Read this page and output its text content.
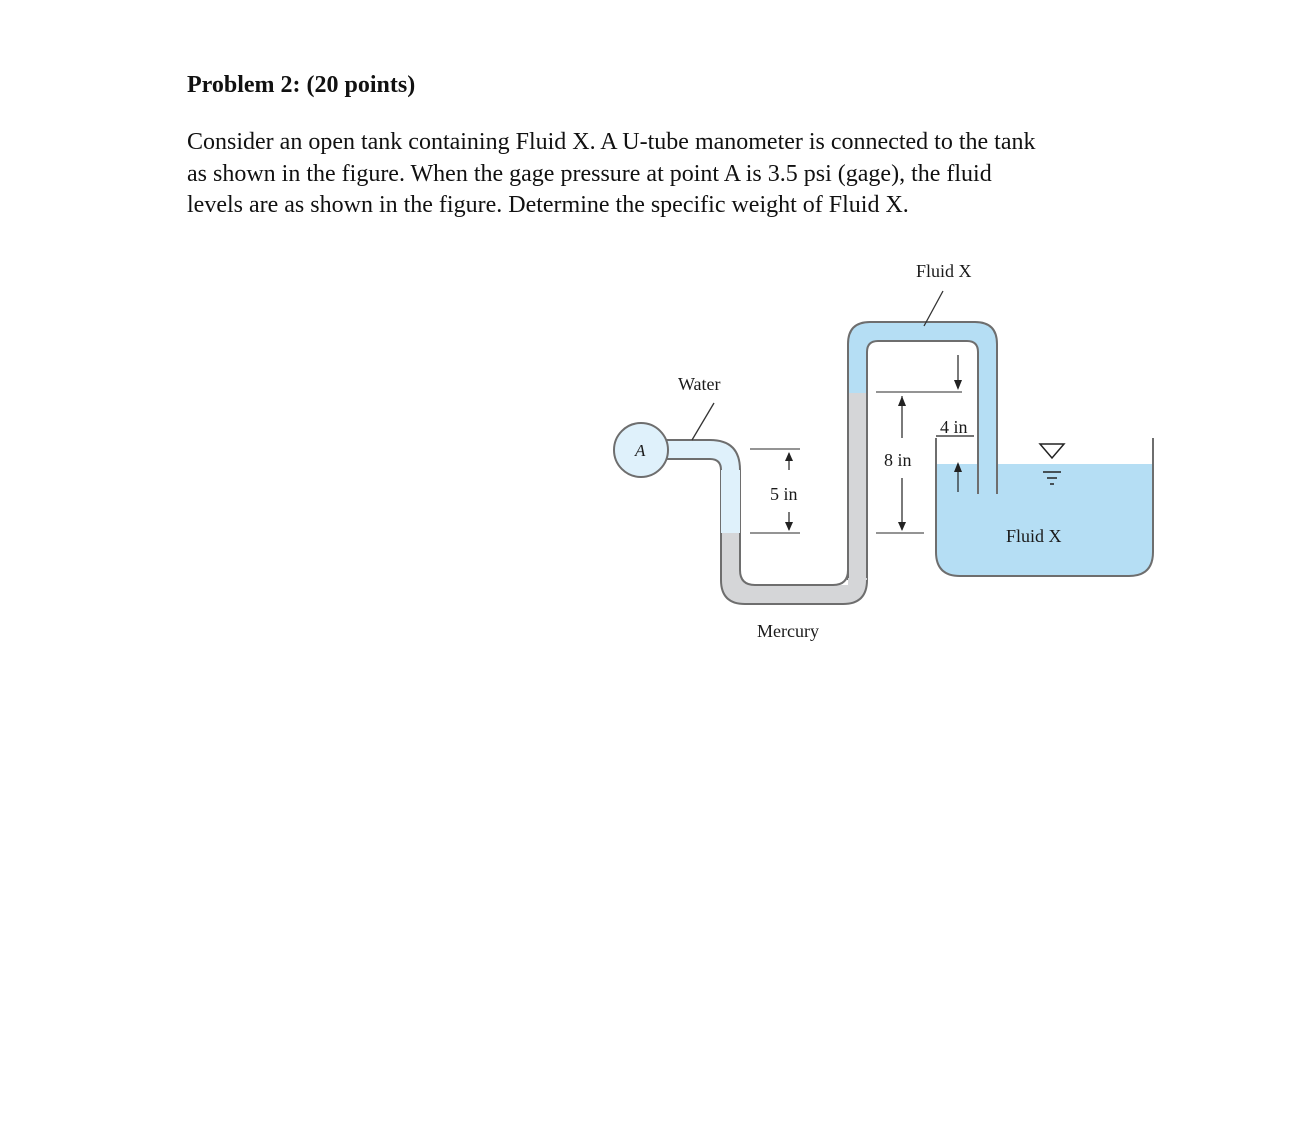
Problem 2: (20 points)

Consider an open tank containing Fluid X. A U-tube manometer is connected to the tank
as shown in the figure. When the gage pressure at point A is 3.5 psi (gage), the fluid
levels are as shown in the figure. Determine the specific weight of Fluid X.

A
5 in
8 in
4 in
Fluid X
Water
Fluid X
Mercury
